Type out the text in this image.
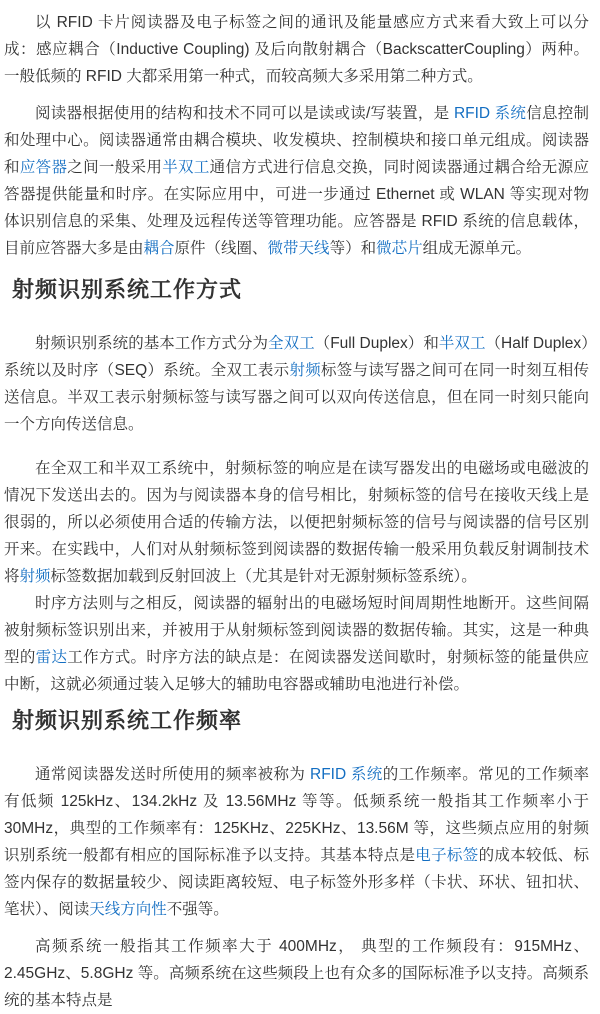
以 RFID 卡片阅读器及电子标签之间的通讯及能量感应方式来看大致上可以分成：感应耦合（Inductive Coupling) 及后向散射耦合（BackscatterCoupling）两种。一般低频的 RFID 大都采用第一种式，而较高频大多采用第二种方式。

阅读器根据使用的结构和技术不同可以是读或读/写装置，是 RFID 系统信息控制和处理中心。阅读器通常由耦合模块、收发模块、控制模块和接口单元组成。阅读器和应答器之间一般采用半双工通信方式进行信息交换，同时阅读器通过耦合给无源应答器提供能量和时序。在实际应用中，可进一步通过 Ethernet 或 WLAN 等实现对物体识别信息的采集、处理及远程传送等管理功能。应答器是 RFID 系统的信息载体，目前应答器大多是由耦合原件（线圈、微带天线等）和微芯片组成无源单元。

射频识别系统工作方式

射频识别系统的基本工作方式分为全双工（Full Duplex）和半双工（Half Duplex）系统以及时序（SEQ）系统。全双工表示射频标签与读写器之间可在同一时刻互相传送信息。半双工表示射频标签与读写器之间可以双向传送信息，但在同一时刻只能向一个方向传送信息。

在全双工和半双工系统中，射频标签的响应是在读写器发出的电磁场或电磁波的情况下发送出去的。因为与阅读器本身的信号相比，射频标签的信号在接收天线上是很弱的，所以必须使用合适的传输方法，以便把射频标签的信号与阅读器的信号区别开来。在实践中，人们对从射频标签到阅读器的数据传输一般采用负载反射调制技术将射频标签数据加载到反射回波上（尤其是针对无源射频标签系统）。

时序方法则与之相反，阅读器的辐射出的电磁场短时间周期性地断开。这些间隔被射频标签识别出来，并被用于从射频标签到阅读器的数据传输。其实，这是一种典型的雷达工作方式。时序方法的缺点是：在阅读器发送间歇时，射频标签的能量供应中断，这就必须通过装入足够大的辅助电容器或辅助电池进行补偿。

射频识别系统工作频率

通常阅读器发送时所使用的频率被称为 RFID 系统的工作频率。常见的工作频率有低频 125kHz、134.2kHz 及 13.56MHz 等等。低频系统一般指其工作频率小于 30MHz，典型的工作频率有：125KHz、225KHz、13.56M 等，这些频点应用的射频识别系统一般都有相应的国际标准予以支持。其基本特点是电子标签的成本较低、标签内保存的数据量较少、阅读距离较短、电子标签外形多样（卡状、环状、钮扣状、笔状）、阅读天线方向性不强等。

高频系统一般指其工作频率大于 400MHz， 典型的工作频段有：915MHz、2.45GHz、5.8GHz 等。高频系统在这些频段上也有众多的国际标准予以支持。高频系统的基本特点是
